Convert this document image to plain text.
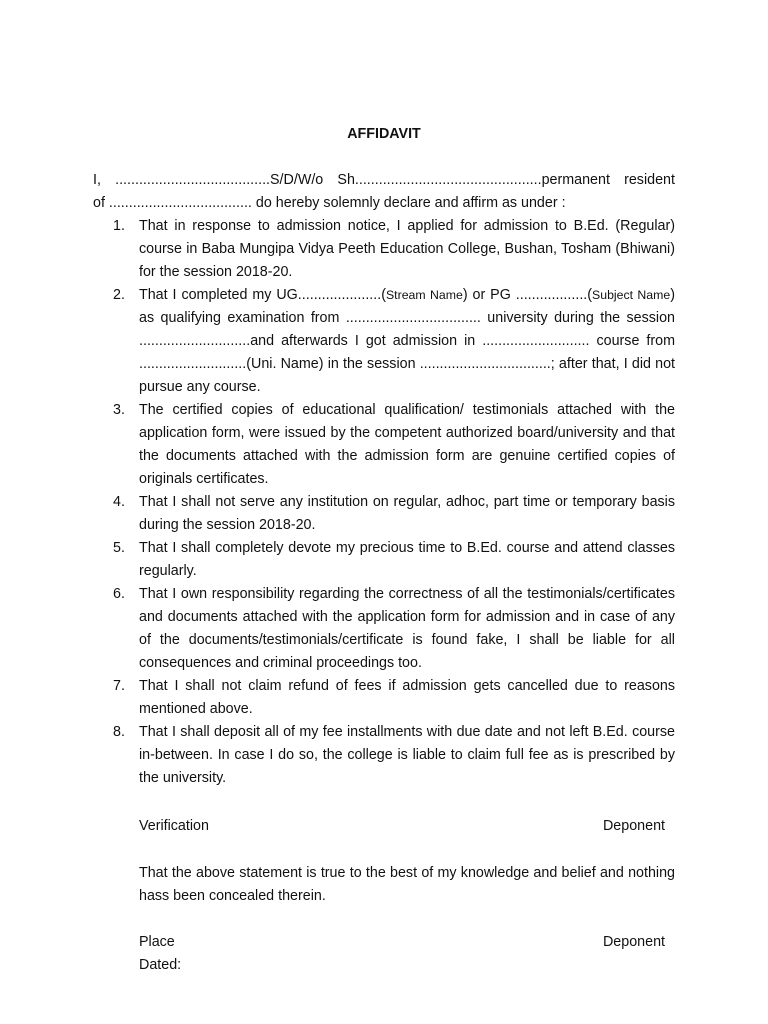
AFFIDAVIT
I, .......................................S/D/W/o Sh...............................................permanent resident
of .................................... do hereby solemnly declare and affirm as under :
1. That in response to admission notice, I applied for admission to B.Ed. (Regular) course in Baba Mungipa Vidya Peeth Education College, Bushan, Tosham (Bhiwani) for the session 2018-20.
2. That I completed my UG.....................(Stream Name) or PG ..................(Subject Name) as qualifying examination from .................................. university during the session ............................and afterwards I got admission in ........................... course from ...........................(Uni. Name) in the session .................................; after that, I did not pursue any course.
3. The certified copies of educational qualification/ testimonials attached with the application form, were issued by the competent authorized board/university and that the documents attached with the admission form are genuine certified copies of originals certificates.
4. That I shall not serve any institution on regular, adhoc, part time or temporary basis during the session 2018-20.
5. That I shall completely devote my precious time to B.Ed. course and attend classes regularly.
6. That I own responsibility regarding the correctness of all the testimonials/certificates and documents attached with the application form for admission and in case of any of the documents/testimonials/certificate is found fake, I shall be liable for all consequences and criminal proceedings too.
7. That I shall not claim refund of fees if admission gets cancelled due to reasons mentioned above.
8. That I shall deposit all of my fee installments with due date and not left B.Ed. course in-between. In case I do so, the college is liable to claim full fee as is prescribed by the university.
Verification	Deponent
That the above statement is true to the best of my knowledge and belief and nothing hass been concealed therein.
Place	Deponent
Dated:
